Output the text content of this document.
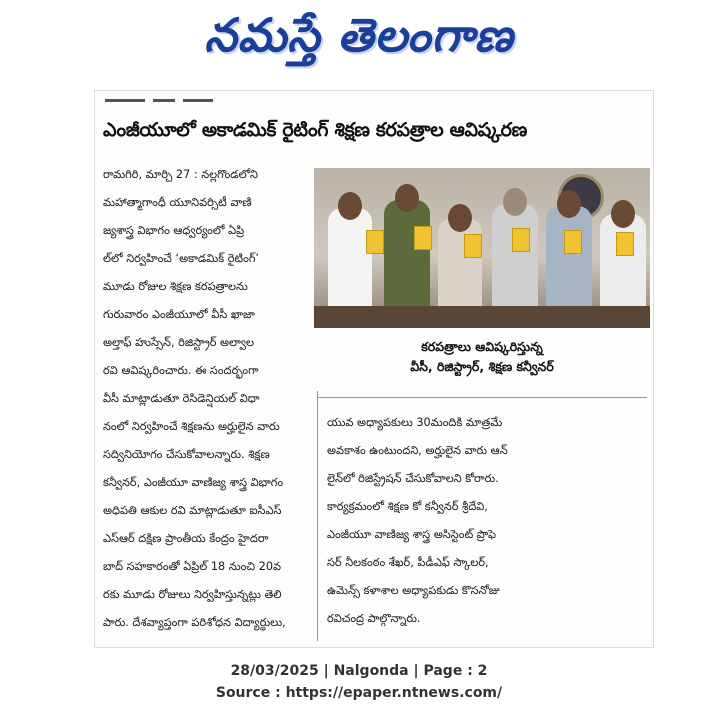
నమస్తే తెలంగాణ
ఎంజీయూలో అకాడమిక్ రైటింగ్ శిక్షణ కరపత్రాల ఆవిష్కరణ

రామగిరి, మార్చి 27 : నల్లగొండలోని

మహాత్మాగాంధీ యూనివర్సిటీ వాణి

జ్యశాస్త్ర విభాగం ఆధ్వర్యంలో ఏప్రి

ల్‌లో నిర్వహించే ‘అకాడమిక్ రైటింగ్’

మూడు రోజుల శిక్షణ కరపత్రాలను

గురువారం ఎంజీయూలో వీసీ ఖాజా

అల్తాఫ్ హుస్సేన్, రిజిస్ట్రార్ అల్వాల

రవి ఆవిష్కరించారు. ఈ సందర్భంగా

వీసీ మాట్లాడుతూ రెసిడెన్షియల్ విధా

నంలో నిర్వహించే శిక్షణను అర్హులైన వారు

సద్వినియోగం చేసుకోవాలన్నారు. శిక్షణ

కన్వీనర్, ఎంజీయూ వాణిజ్య శాస్త్ర విభాగం

అధిపతి ఆకుల రవి మాట్లాడుతూ ఐసీఎస్

ఎస్‌ఆర్ దక్షిణ ప్రాంతీయ కేంద్రం హైదరా

బాద్ సహకారంతో ఏప్రిల్ 18 నుంచి 20వ

రకు మూడు రోజులు నిర్వహిస్తున్నట్లు తెలి

పారు. దేశవ్యాప్తంగా పరిశోధన విద్యార్థులు,

కరపత్రాలు ఆవిష్కరిస్తున్న

వీసీ, రిజిస్ట్రార్, శిక్షణ కన్వీనర్

యువ అధ్యాపకులు 30మందికి మాత్రమే

అవకాశం ఉంటుందని, అర్హులైన వారు ఆన్

లైన్‌లో రిజిస్ట్రేషన్ చేసుకోవాలని కోరారు.

కార్యక్రమంలో శిక్షణ కో కన్వీనర్ శ్రీదేవి,

ఎంజీయూ వాణిజ్య శాస్త్ర అసిస్టెంట్ ప్రొఫె

సర్ నీలకంఠం శేఖర్, పీడీఎఫ్ స్కాలర్,

ఉమెన్స్ కళాశాల అధ్యాపకుడు కొసనోజు

రవిచంద్ర పాల్గొన్నారు.

28/03/2025 | Nalgonda | Page : 2

Source : https://epaper.ntnews.com/
